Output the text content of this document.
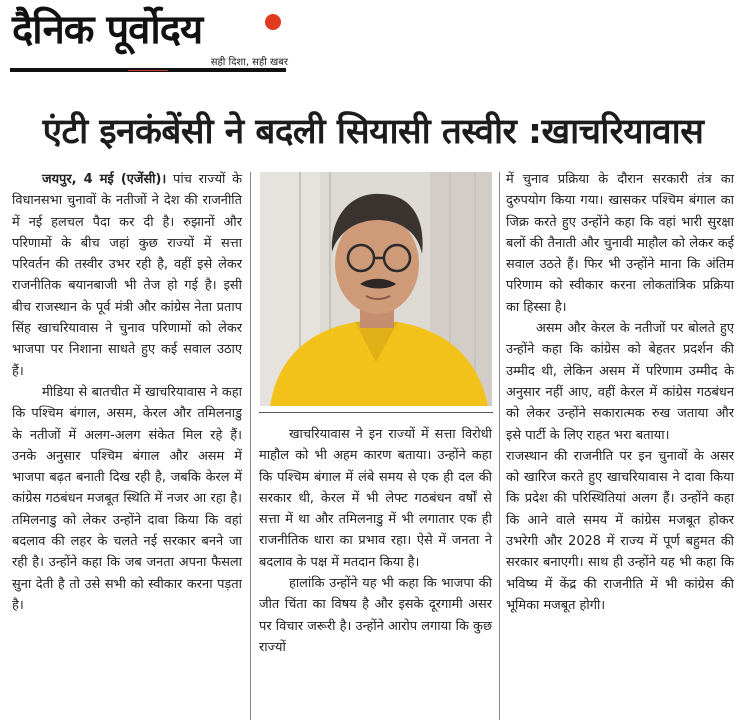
दैनिक पूर्वोदय
सही दिशा, सही खबर
एंटी इनकंबेंसी ने बदली सियासी तस्वीर :खाचरियावास

जयपुर, 4 मई (एजेंसी)। पांच राज्यों के विधानसभा चुनावों के नतीजों ने देश की राजनीति में नई हलचल पैदा कर दी है। रुझानों और परिणामों के बीच जहां कुछ राज्यों में सत्ता परिवर्तन की तस्वीर उभर रही है, वहीं इसे लेकर राजनीतिक बयानबाजी भी तेज हो गई है। इसी बीच राजस्थान के पूर्व मंत्री और कांग्रेस नेता प्रताप सिंह खाचरियावास ने चुनाव परिणामों को लेकर भाजपा पर निशाना साधते हुए कई सवाल उठाए हैं।

मीडिया से बातचीत में खाचरियावास ने कहा कि पश्चिम बंगाल, असम, केरल और तमिलनाडु के नतीजों में अलग-अलग संकेत मिल रहे हैं। उनके अनुसार पश्चिम बंगाल और असम में भाजपा बढ़त बनाती दिख रही है, जबकि केरल में कांग्रेस गठबंधन मजबूत स्थिति में नजर आ रहा है। तमिलनाडु को लेकर उन्होंने दावा किया कि वहां बदलाव की लहर के चलते नई सरकार बनने जा रही है। उन्होंने कहा कि जब जनता अपना फैसला सुना देती है तो उसे सभी को स्वीकार करना पड़ता है।

खाचरियावास ने इन राज्यों में सत्ता विरोधी माहौल को भी अहम कारण बताया। उन्होंने कहा कि पश्चिम बंगाल में लंबे समय से एक ही दल की सरकार थी, केरल में भी लेफ्ट गठबंधन वर्षों से सत्ता में था और तमिलनाडु में भी लगातार एक ही राजनीतिक धारा का प्रभाव रहा। ऐसे में जनता ने बदलाव के पक्ष में मतदान किया है।

हालांकि उन्होंने यह भी कहा कि भाजपा की जीत चिंता का विषय है और इसके दूरगामी असर पर विचार जरूरी है। उन्होंने आरोप लगाया कि कुछ राज्यों

में चुनाव प्रक्रिया के दौरान सरकारी तंत्र का दुरुपयोग किया गया। खासकर पश्चिम बंगाल का जिक्र करते हुए उन्होंने कहा कि वहां भारी सुरक्षा बलों की तैनाती और चुनावी माहौल को लेकर कई सवाल उठते हैं। फिर भी उन्होंने माना कि अंतिम परिणाम को स्वीकार करना लोकतांत्रिक प्रक्रिया का हिस्सा है।

असम और केरल के नतीजों पर बोलते हुए उन्होंने कहा कि कांग्रेस को बेहतर प्रदर्शन की उम्मीद थी, लेकिन असम में परिणाम उम्मीद के अनुसार नहीं आए, वहीं केरल में कांग्रेस गठबंधन को लेकर उन्होंने सकारात्मक रुख जताया और इसे पार्टी के लिए राहत भरा बताया।

राजस्थान की राजनीति पर इन चुनावों के असर को खारिज करते हुए खाचरियावास ने दावा किया कि प्रदेश की परिस्थितियां अलग हैं। उन्होंने कहा कि आने वाले समय में कांग्रेस मजबूत होकर उभरेगी और 2028 में राज्य में पूर्ण बहुमत की सरकार बनाएगी। साथ ही उन्होंने यह भी कहा कि भविष्य में केंद्र की राजनीति में भी कांग्रेस की भूमिका मजबूत होगी।
